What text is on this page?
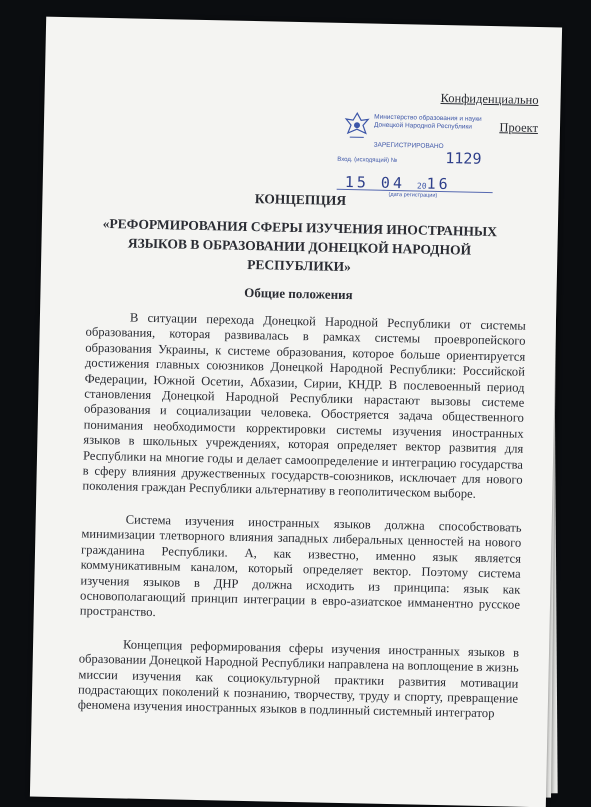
Конфиденциально
Проект
Министерство образования и науки
Донецкой Народной Республики
ЗАРЕГИСТРИРОВАНО
Вход. (исходящий) №	1129
15 04 2016
(дата регистрации)
КОНЦЕПЦИЯ
«РЕФОРМИРОВАНИЯ СФЕРЫ ИЗУЧЕНИЯ ИНОСТРАННЫХ ЯЗЫКОВ В ОБРАЗОВАНИИ ДОНЕЦКОЙ НАРОДНОЙ РЕСПУБЛИКИ»
Общие положения

В ситуации перехода Донецкой Народной Республики от системы образования, которая развивалась в рамках системы проевропейского образования Украины, к системе образования, которое больше ориентируется достижения главных союзников Донецкой Народной Республики: Российской Федерации, Южной Осетии, Абхазии, Сирии, КНДР. В послевоенный период становления Донецкой Народной Республики нарастают вызовы системе образования и социализации человека. Обостряется задача общественного понимания необходимости корректировки системы изучения иностранных языков в школьных учреждениях, которая определяет вектор развития для Республики на многие годы и делает самоопределение и интеграцию государства в сферу влияния дружественных государств-союзников, исключает для нового поколения граждан Республики альтернативу в геополитическом выборе.

Система изучения иностранных языков должна способствовать минимизации тлетворного влияния западных либеральных ценностей на нового гражданина Республики. А, как известно, именно язык является коммуникативным каналом, который определяет вектор. Поэтому система изучения языков в ДНР должна исходить из принципа: язык как основополагающий принцип интеграции в евро-азиатское имманентно русское пространство.

Концепция реформирования сферы изучения иностранных языков в образовании Донецкой Народной Республики направлена на воплощение в жизнь миссии изучения как социокультурной практики развития мотивации подрастающих поколений к познанию, творчеству, труду и спорту, превращение феномена изучения иностранных языков в подлинный системный интегратор
